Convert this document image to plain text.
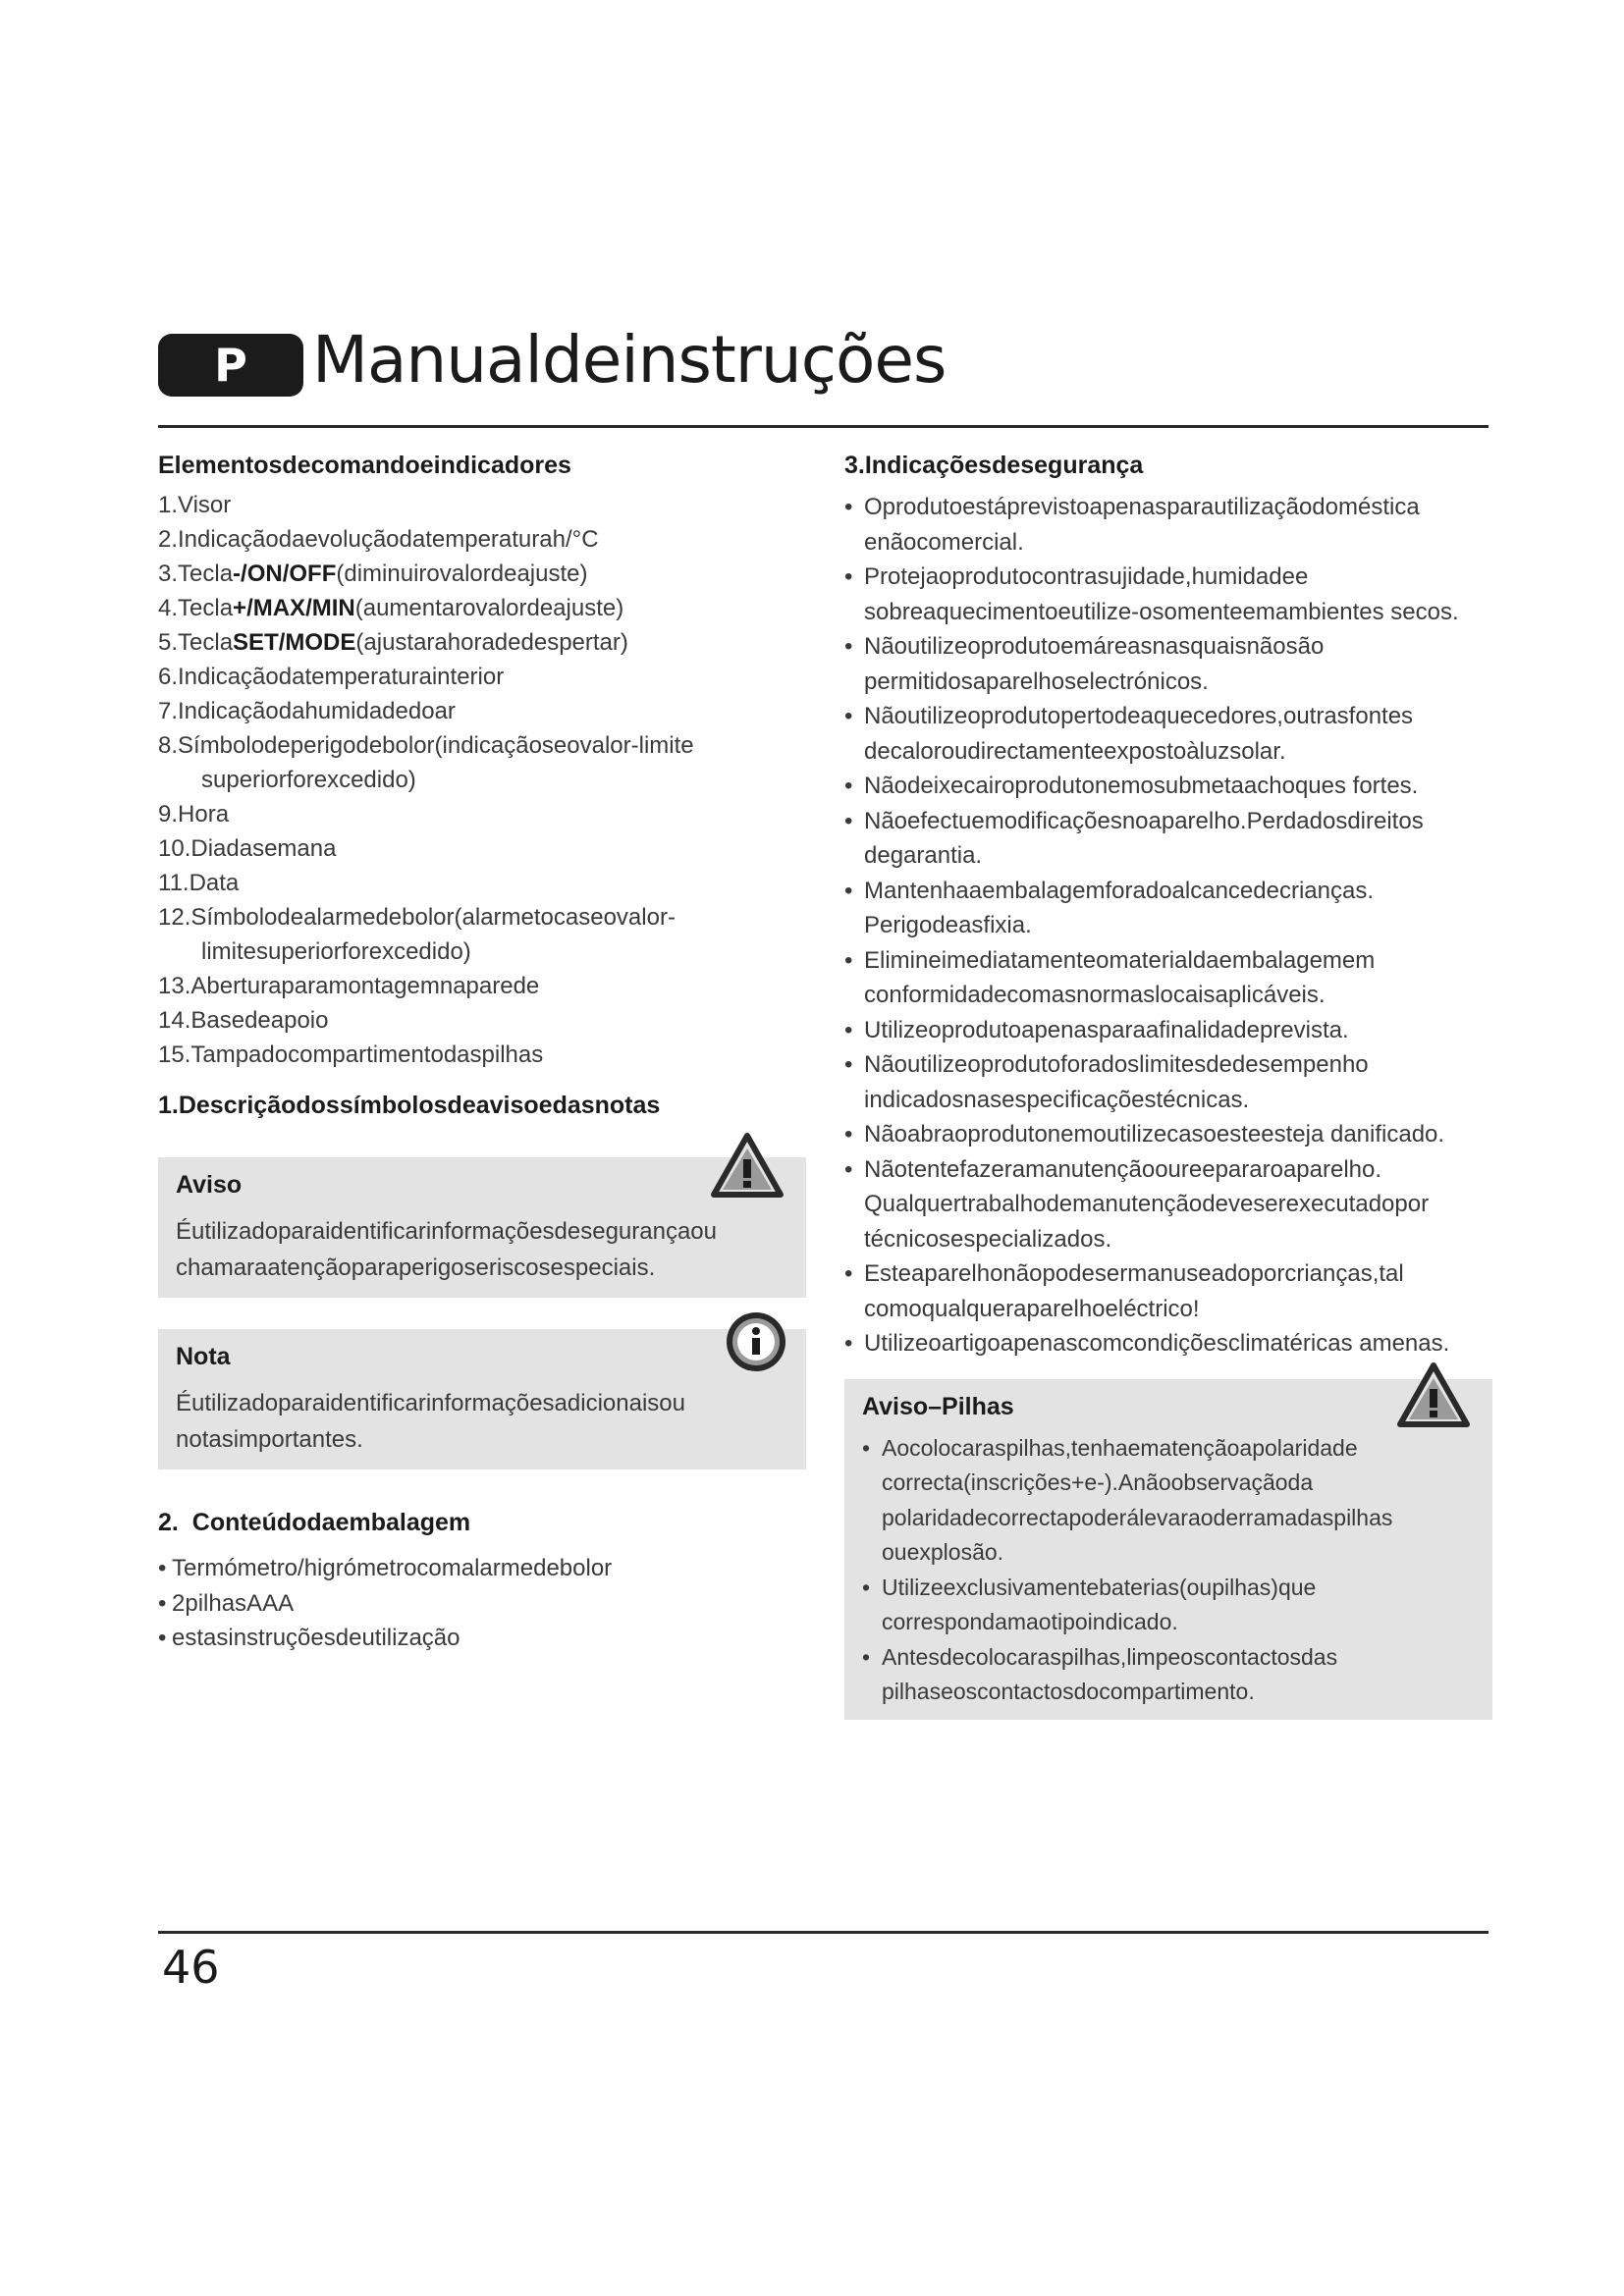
P	Manualdeinstruções
Elementosdecomandoeindicadores
1.Visor
2.Indicaçãodaevoluçãodatemperaturah/°C
3.Tecla-/ON/OFF(diminuirovalordeajuste)
4.Tecla+/MAX/MIN(aumentarovalordeajuste)
5.TeclaSET/MODE(ajustarahoradedespertar)
6.Indicaçãodatemperaturainterior
7.Indicaçãodahumidadedoar
8.Símbolodeperigodebolor(indicaçãoseovalor-limite superiorforexcedido)
9.Hora
10.Diadasemana
11.Data
12.Símbolodealarmedebolor(alarmetocaseovalor- limitesuperiorforexcedido)
13.Aberturaparamontagemnaparede
14.Basedeapoio
15.Tampadocompartimentodaspilhas
1.Descriçãodossímbolosdeavisoedasnotas
Aviso
Éutilizadoparaidentificarinformaçõesdesegurançaou chamaraatençãoparaperigoseriscosespeciais.
Nota
Éutilizadoparaidentificarinformaçõesadicionaisou notasimportantes.
2. Conteúdodaembalagem
• Termómetro/higrómetrocomalarmedebolor
• 2pilhasAAA
• estasinstruçõesdeutilização
3.Indicaçõesdesegurança
• Oprodutoestáprevistoapenasparautilizaçãodoméstica enãocomercial.
• Protejaoprodutocontrasujidade,humidadee sobreaquecimentoeutilize-osomenteemambientes secos.
• Nãoutilizeoprodutoemáreasnasquaisnãosão permitidosaparelhoselectrónicos.
• Nãoutilizeoprodutopertodeaquecedores,outrasfontes decaloroudirectamenteexpostoàluzsolar.
• Nãodeixecairoprodutonemosubmetaachoques fortes.
• Nãoefectuemodificaçõesnoaparelho.Perdadosdireitos degarantia.
• Mantenhaaembalagemforadoalcancedecrianças. Perigodeasfixia.
• Elimineimediatamenteomaterialdaembalagemem conformidadecomasnormaslocaisaplicáveis.
• Utilizeoprodutoapenasparaafinalidadeprevista.
• Nãoutilizeoprodutoforadoslimitesdedesempenho indicadosnasespecificaçõestécnicas.
• Nãoabraoprodutonemoutilizecasoesteesteja danificado.
• Nãotentefazeramanutençãooureepararoaparelho. Qualquertrabalhodemanutençãodeveserexecutadopor técnicosespecializados.
• Esteaparelhonãopodesermanuseadoporcrianças,tal comoqualqueraparelhoeléctrico!
• Utilizeoartigoapenascomcondiçõesclimatéricas amenas.
Aviso–Pilhas
• Aocolocaraspilhas,tenhaematençãoapolaridade correcta(inscrições+e-).Anãoobservaçãoda polaridadecorrectapoderálevaraoderramadaspilhas ouexplosão.
• Utilizeexclusivamentebaterias(oupilhas)que correspondamaotipoindicado.
• Antesdecolocaraspilhas,limpeoscontactosdas pilhaseoscontactosdocompartimento.
46
